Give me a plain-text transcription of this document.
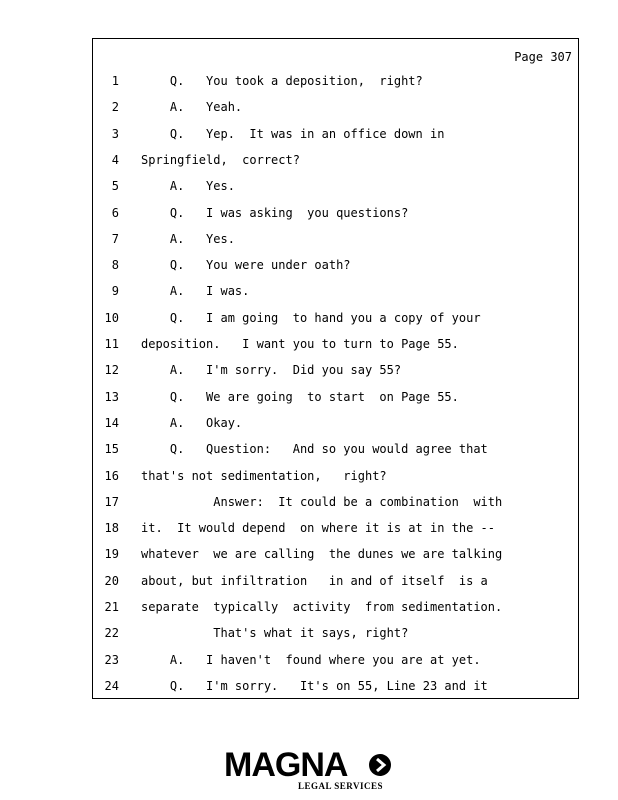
Page 307
1 Q.   You took a deposition,  right?
2 A.   Yeah.
3 Q.   Yep.  It was in an office down in
4 Springfield,  correct?
5 A.   Yes.
6 Q.   I was asking  you questions?
7 A.   Yes.
8 Q.   You were under oath?
9 A.   I was.
10 Q.   I am going  to hand you a copy of your
11 deposition.   I want you to turn to Page 55.
12 A.   I'm sorry.  Did you say 55?
13 Q.   We are going  to start  on Page 55.
14 A.   Okay.
15 Q.   Question:   And so you would agree that
16 that's not sedimentation,   right?
17 Answer:  It could be a combination  with
18 it.  It would depend  on where it is at in the --
19 whatever  we are calling  the dunes we are talking
20 about, but infiltration   in and of itself  is a
21 separate  typically  activity  from sedimentation.
22 That's what it says, right?
23 A.   I haven't  found where you are at yet.
24 Q.   I'm sorry.   It's on 55, Line 23 and it
MAGNA
LEGAL SERVICES
